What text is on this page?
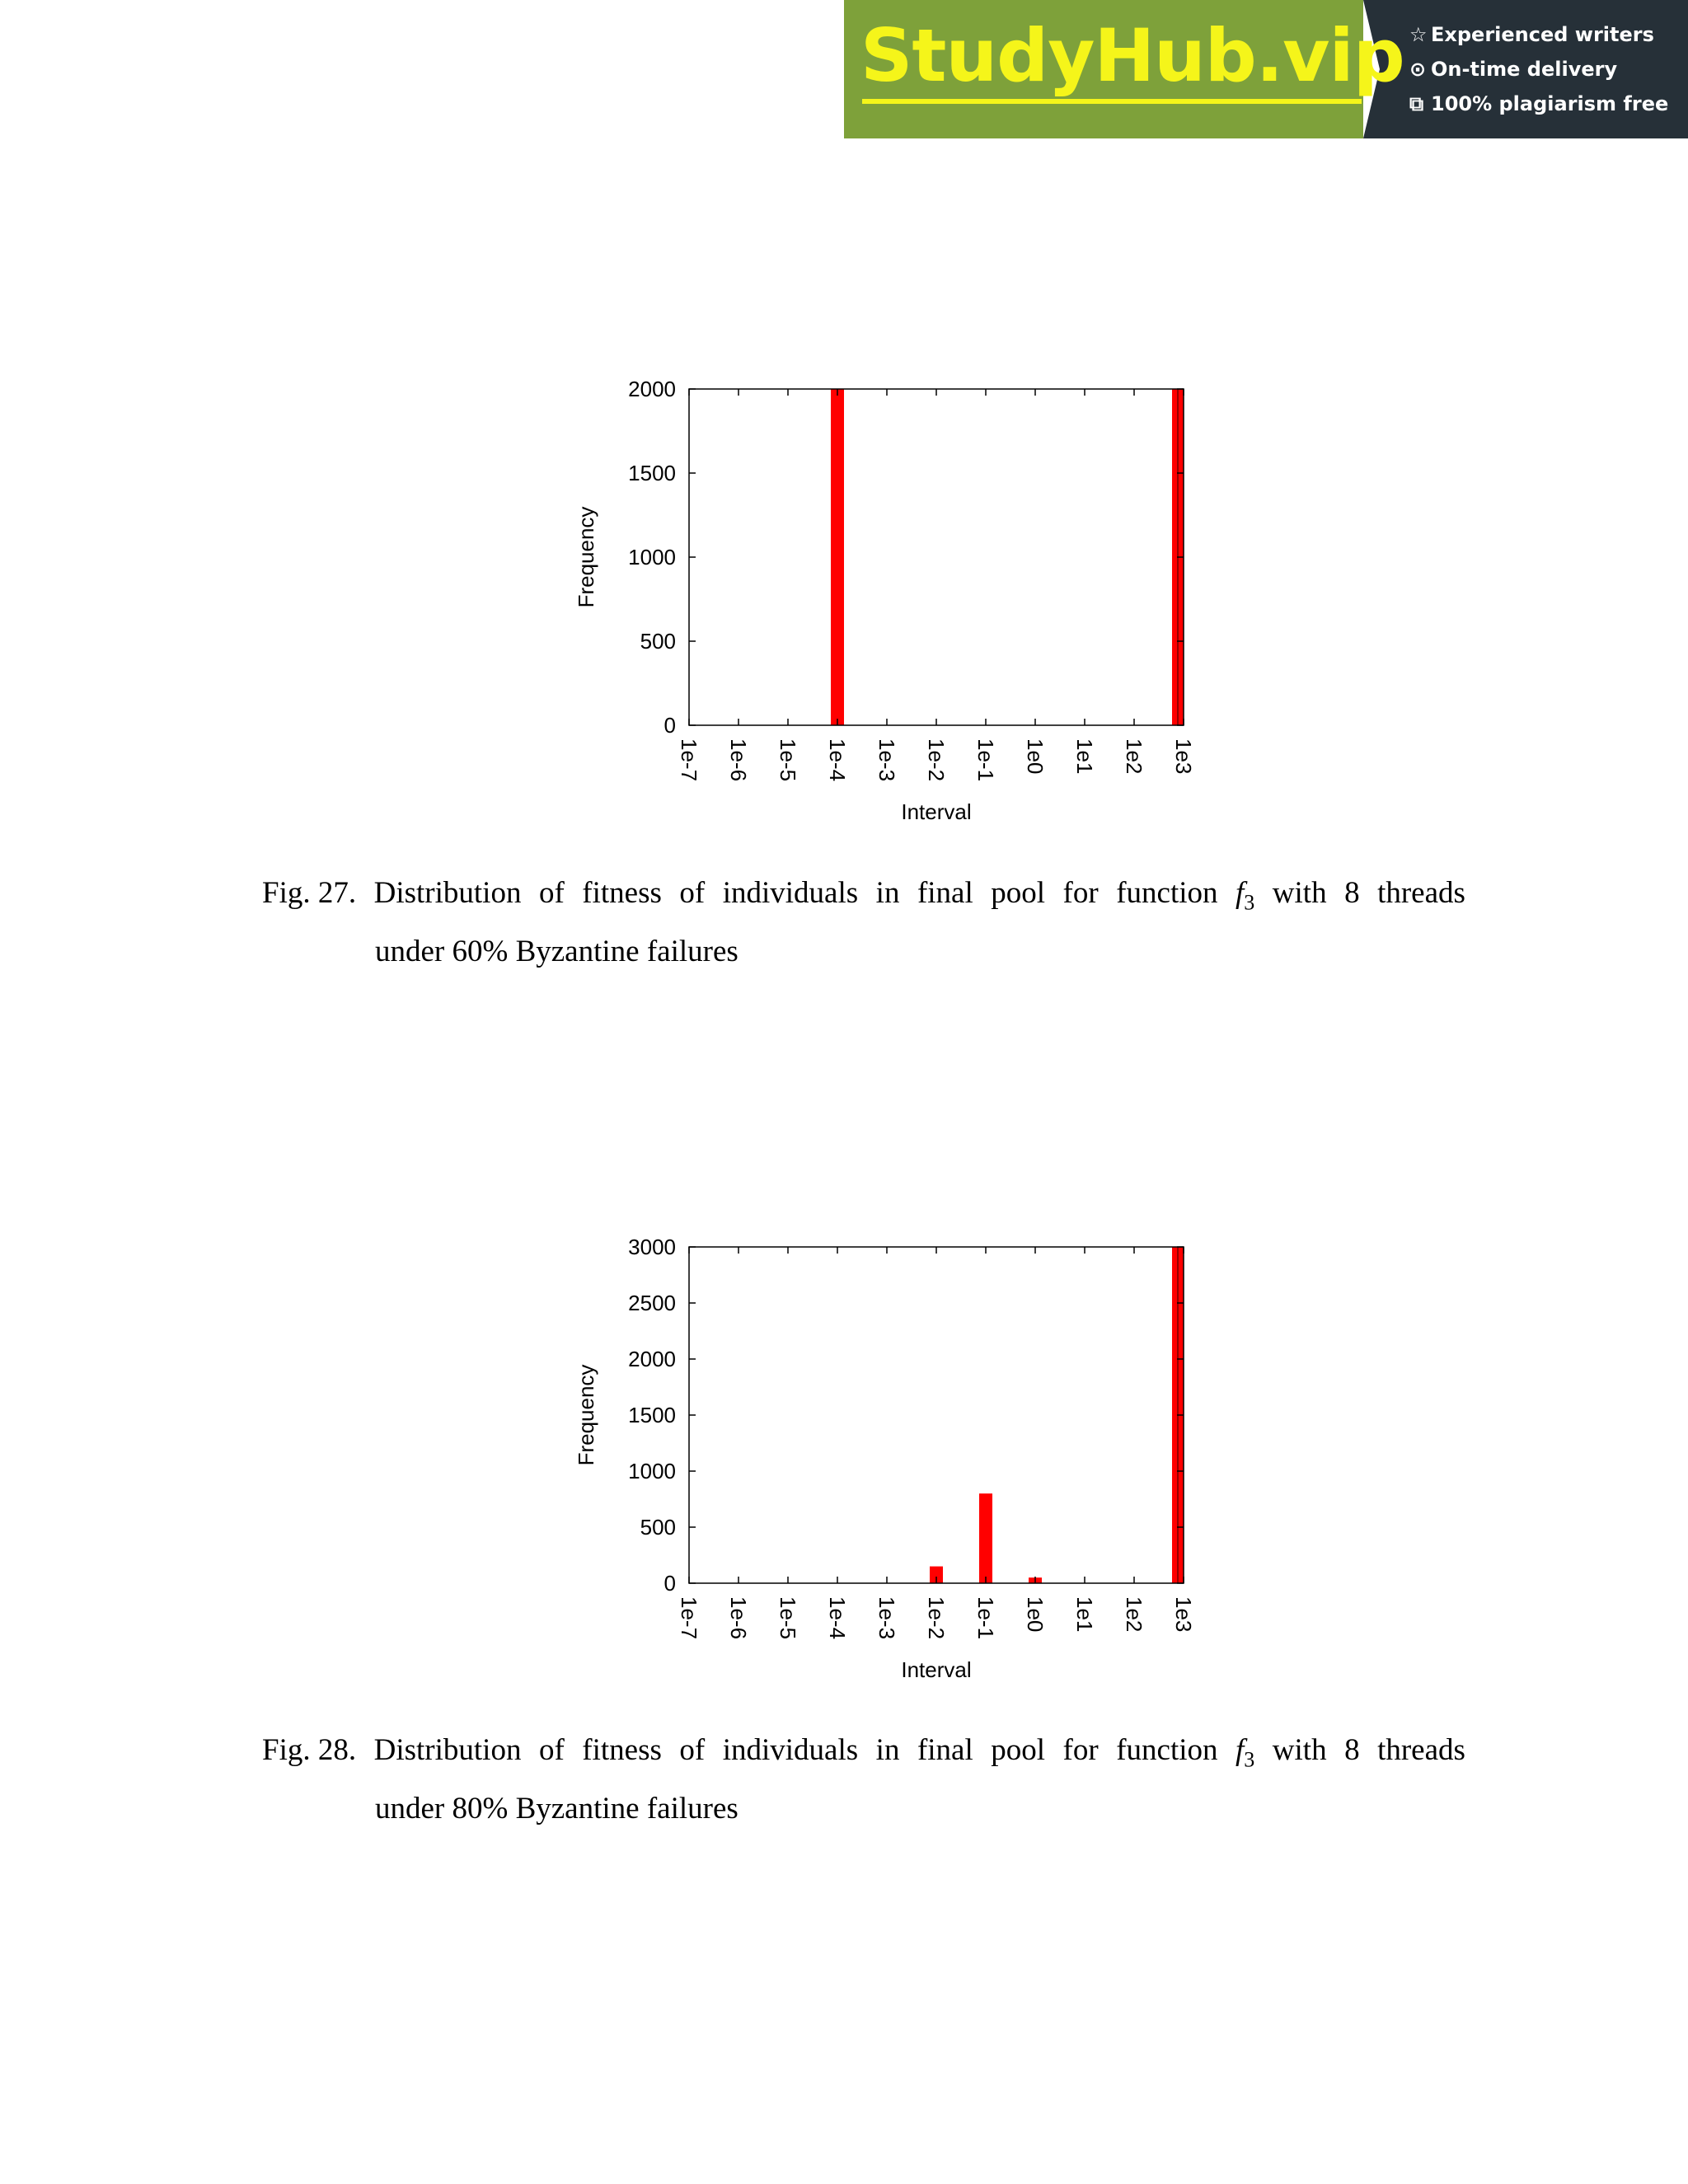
StudyHub.vip ☆ Experienced writers
⊙ On-time delivery
⧉ 100% plagiarism free
0
500
1000
1500
2000
1e-7 1e-6 1e-5 1e-4 1e-3 1e-2 1e-1 1e0 1e1 1e2 1e3
Interval
Frequency
Fig. 27. Distribution of fitness of individuals in final pool for function $f_3$ with 8 threads
under 60% Byzantine failures
0
500
1000
1500
2000
2500
3000
1e-7 1e-6 1e-5 1e-4 1e-3 1e-2 1e-1 1e0 1e1 1e2 1e3
Interval
Frequency
Fig. 28. Distribution of fitness of individuals in final pool for function $f_3$ with 8 threads
under 80% Byzantine failures
